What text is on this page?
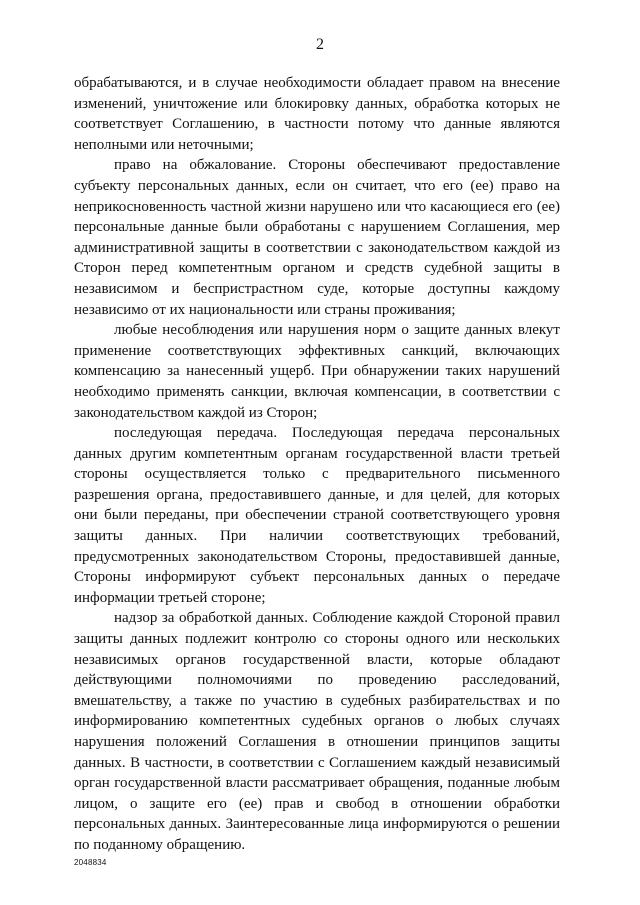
2

обрабатываются, и в случае необходимости обладает правом на внесение изменений, уничтожение или блокировку данных, обработка которых не соответствует Соглашению, в частности потому что данные являются неполными или неточными;

право на обжалование. Стороны обеспечивают предоставление субъекту персональных данных, если он считает, что его (ее) право на неприкосновенность частной жизни нарушено или что касающиеся его (ее) персональные данные были обработаны с нарушением Соглашения, мер административной защиты в соответствии с законодательством каждой из Сторон перед компетентным органом и средств судебной защиты в независимом и беспристрастном суде, которые доступны каждому независимо от их национальности или страны проживания;

любые несоблюдения или нарушения норм о защите данных влекут применение соответствующих эффективных санкций, включающих компенсацию за нанесенный ущерб. При обнаружении таких нарушений необходимо применять санкции, включая компенсации, в соответствии с законодательством каждой из Сторон;

последующая передача. Последующая передача персональных данных другим компетентным органам государственной власти третьей стороны осуществляется только с предварительного письменного разрешения органа, предоставившего данные, и для целей, для которых они были переданы, при обеспечении страной соответствующего уровня защиты данных. При наличии соответствующих требований, предусмотренных законодательством Стороны, предоставившей данные, Стороны информируют субъект персональных данных о передаче информации третьей стороне;

надзор за обработкой данных. Соблюдение каждой Стороной правил защиты данных подлежит контролю со стороны одного или нескольких независимых органов государственной власти, которые обладают действующими полномочиями по проведению расследований, вмешательству, а также по участию в судебных разбирательствах и по информированию компетентных судебных органов о любых случаях нарушения положений Соглашения в отношении принципов защиты данных. В частности, в соответствии с Соглашением каждый независимый орган государственной власти рассматривает обращения, поданные любым лицом, о защите его (ее) прав и свобод в отношении обработки персональных данных. Заинтересованные лица информируются о решении по поданному обращению.

2048834
